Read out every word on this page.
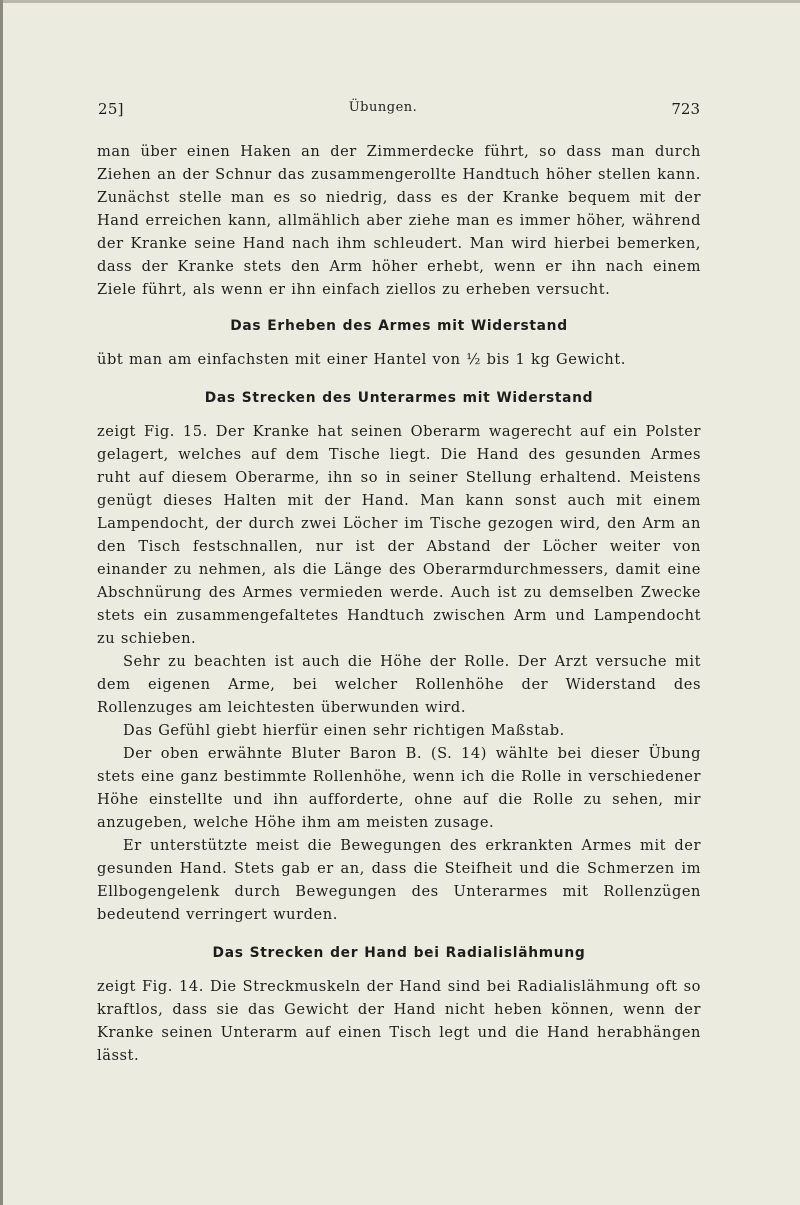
25]	Übungen.	723

man über einen Haken an der Zimmerdecke führt, so dass man durch Ziehen an der Schnur das zusammengerollte Handtuch höher stellen kann. Zunächst stelle man es so niedrig, dass es der Kranke bequem mit der Hand erreichen kann, allmählich aber ziehe man es immer höher, während der Kranke seine Hand nach ihm schleudert. Man wird hierbei bemerken, dass der Kranke stets den Arm höher erhebt, wenn er ihn nach einem Ziele führt, als wenn er ihn einfach ziellos zu erheben versucht.

Das Erheben des Armes mit Widerstand

übt man am einfachsten mit einer Hantel von ½ bis 1 kg Gewicht.

Das Strecken des Unterarmes mit Widerstand

zeigt Fig. 15. Der Kranke hat seinen Oberarm wagerecht auf ein Polster gelagert, welches auf dem Tische liegt. Die Hand des gesunden Armes ruht auf diesem Oberarme, ihn so in seiner Stellung erhaltend. Meistens genügt dieses Halten mit der Hand. Man kann sonst auch mit einem Lampendocht, der durch zwei Löcher im Tische gezogen wird, den Arm an den Tisch festschnallen, nur ist der Abstand der Löcher weiter von einander zu nehmen, als die Länge des Oberarmdurchmessers, damit eine Abschnürung des Armes vermieden werde. Auch ist zu demselben Zwecke stets ein zusammengefaltetes Handtuch zwischen Arm und Lampendocht zu schieben.

Sehr zu beachten ist auch die Höhe der Rolle. Der Arzt versuche mit dem eigenen Arme, bei welcher Rollenhöhe der Widerstand des Rollenzuges am leichtesten überwunden wird.

Das Gefühl giebt hierfür einen sehr richtigen Maßstab.

Der oben erwähnte Bluter Baron B. (S. 14) wählte bei dieser Übung stets eine ganz bestimmte Rollenhöhe, wenn ich die Rolle in verschiedener Höhe einstellte und ihn aufforderte, ohne auf die Rolle zu sehen, mir anzugeben, welche Höhe ihm am meisten zusage.

Er unterstützte meist die Bewegungen des erkrankten Armes mit der gesunden Hand. Stets gab er an, dass die Steifheit und die Schmerzen im Ellbogengelenk durch Bewegungen des Unterarmes mit Rollenzügen bedeutend verringert wurden.

Das Strecken der Hand bei Radialislähmung

zeigt Fig. 14. Die Streckmuskeln der Hand sind bei Radialislähmung oft so kraftlos, dass sie das Gewicht der Hand nicht heben können, wenn der Kranke seinen Unterarm auf einen Tisch legt und die Hand herabhängen lässt.
